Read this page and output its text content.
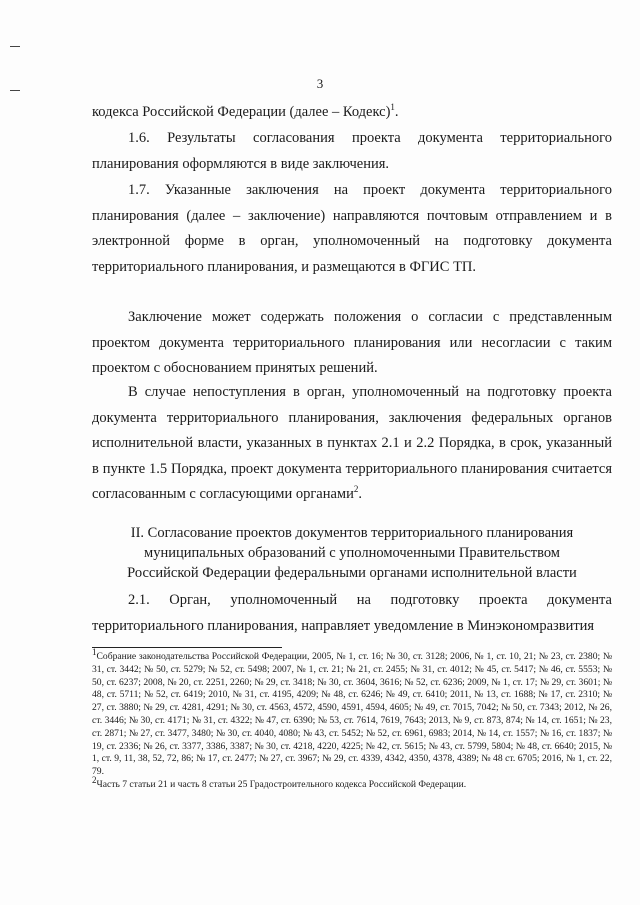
3

кодекса Российской Федерации (далее – Кодекс)$^1$.

1.6. Результаты согласования проекта документа территориального планирования оформляются в виде заключения.

1.7. Указанные заключения на проект документа территориального планирования (далее – заключение) направляются почтовым отправлением и в электронной форме в орган, уполномоченный на подготовку документа территориального планирования, и размещаются в ФГИС ТП.

Заключение может содержать положения о согласии с представленным проектом документа территориального планирования или несогласии с таким проектом с обоснованием принятых решений.

В случае непоступления в орган, уполномоченный на подготовку проекта документа территориального планирования, заключения федеральных органов исполнительной власти, указанных в пунктах 2.1 и 2.2 Порядка, в срок, указанный в пункте 1.5 Порядка, проект документа территориального планирования считается согласованным с согласующими органами$^2$.

II. Согласование проектов документов территориального планирования
муниципальных образований с уполномоченными Правительством
Российской Федерации федеральными органами исполнительной власти

2.1. Орган, уполномоченный на подготовку проекта документа территориального планирования, направляет уведомление в Минэкономразвития

$^1$Собрание законодательства Российской Федерации, 2005, № 1, ст. 16; № 30, ст. 3128; 2006, № 1, ст. 10, 21; № 23, ст. 2380; № 31, ст. 3442; № 50, ст. 5279; № 52, ст. 5498; 2007, № 1, ст. 21; № 21, ст. 2455; № 31, ст. 4012; № 45, ст. 5417; № 46, ст. 5553; № 50, ст. 6237; 2008, № 20, ст. 2251, 2260; № 29, ст. 3418; № 30, ст. 3604, 3616; № 52, ст. 6236; 2009, № 1, ст. 17; № 29, ст. 3601; № 48, ст. 5711; № 52, ст. 6419; 2010, № 31, ст. 4195, 4209; № 48, ст. 6246; № 49, ст. 6410; 2011, № 13, ст. 1688; № 17, ст. 2310; № 27, ст. 3880; № 29, ст. 4281, 4291; № 30, ст. 4563, 4572, 4590, 4591, 4594, 4605; № 49, ст. 7015, 7042; № 50, ст. 7343; 2012, № 26, ст. 3446; № 30, ст. 4171; № 31, ст. 4322; № 47, ст. 6390; № 53, ст. 7614, 7619, 7643; 2013, № 9, ст. 873, 874; № 14, ст. 1651; № 23, ст. 2871; № 27, ст. 3477, 3480; № 30, ст. 4040, 4080; № 43, ст. 5452; № 52, ст. 6961, 6983; 2014, № 14, ст. 1557; № 16, ст. 1837; № 19, ст. 2336; № 26, ст. 3377, 3386, 3387; № 30, ст. 4218, 4220, 4225; № 42, ст. 5615; № 43, ст. 5799, 5804; № 48, ст. 6640; 2015, № 1, ст. 9, 11, 38, 52, 72, 86; № 17, ст. 2477; № 27, ст. 3967; № 29, ст. 4339, 4342, 4350, 4378, 4389; № 48 ст. 6705; 2016, № 1, ст. 22, 79.

$^2$Часть 7 статьи 21 и часть 8 статьи 25 Градостроительного кодекса Российской Федерации.
